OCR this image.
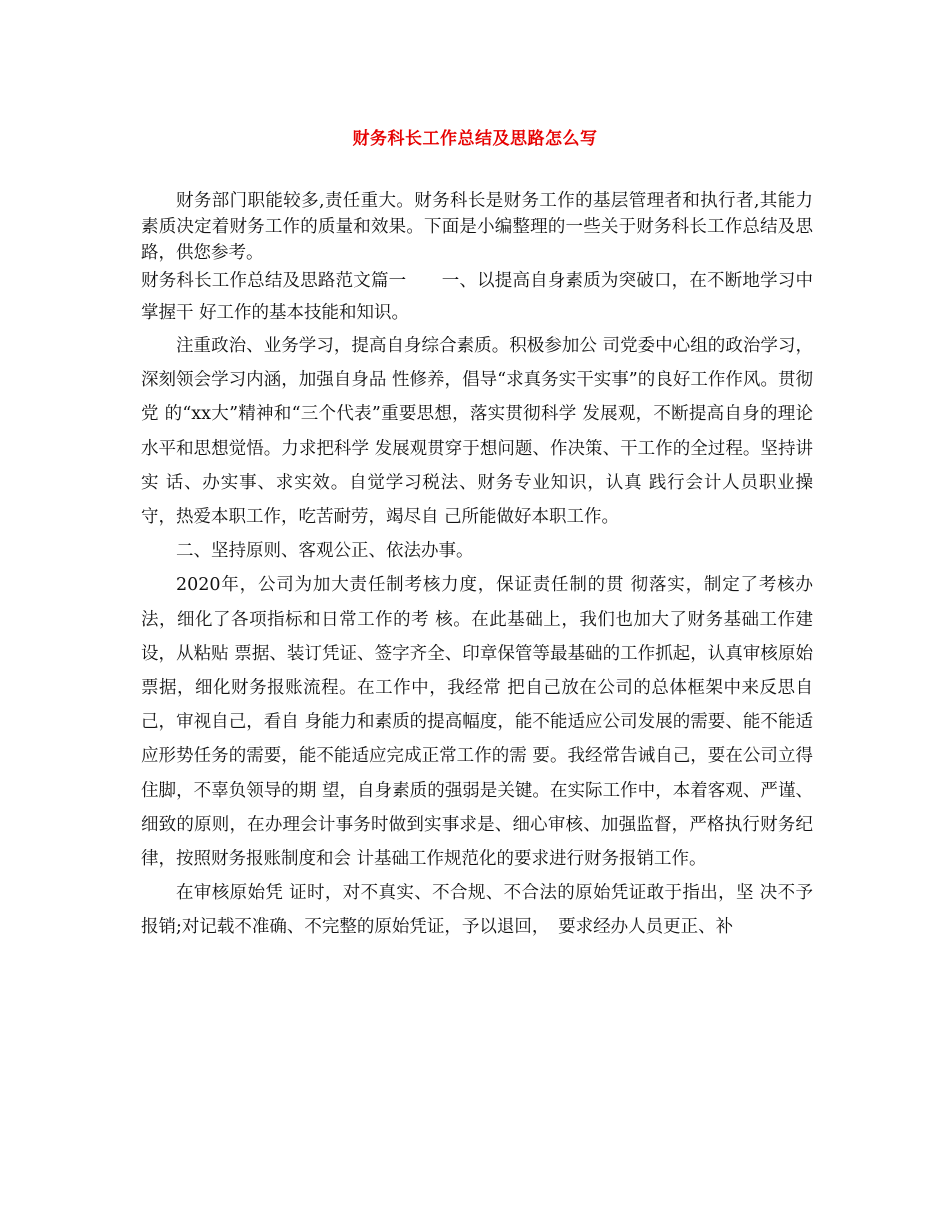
财务科长工作总结及思路怎么写

财务部门职能较多,责任重大。财务科长是财务工作的基层管理者和执行者,其能力素质决定着财务工作的质量和效果。下面是小编整理的一些关于财务科长工作总结及思路，供您参考。

财务科长工作总结及思路范文篇一　　一、以提高自身素质为突破口，在不断地学习中掌握干 好工作的基本技能和知识。

注重政治、业务学习，提高自身综合素质。积极参加公 司党委中心组的政治学习，深刻领会学习内涵，加强自身品 性修养，倡导“求真务实干实事”的良好工作作风。贯彻党 的“xx大”精神和“三个代表”重要思想，落实贯彻科学 发展观，不断提高自身的理论水平和思想觉悟。力求把科学 发展观贯穿于想问题、作决策、干工作的全过程。坚持讲实 话、办实事、求实效。自觉学习税法、财务专业知识，认真 践行会计人员职业操守，热爱本职工作，吃苦耐劳，竭尽自 己所能做好本职工作。

二、坚持原则、客观公正、依法办事。

2020年，公司为加大责任制考核力度，保证责任制的贯 彻落实，制定了考核办法，细化了各项指标和日常工作的考 核。在此基础上，我们也加大了财务基础工作建设，从粘贴 票据、装订凭证、签字齐全、印章保管等最基础的工作抓起，认真审核原始票据，细化财务报账流程。在工作中，我经常 把自己放在公司的总体框架中来反思自己，审视自己，看自 身能力和素质的提高幅度，能不能适应公司发展的需要、能不能适应形势任务的需要，能不能适应完成正常工作的需 要。我经常告诫自己，要在公司立得住脚，不辜负领导的期 望，自身素质的强弱是关键。在实际工作中，本着客观、严谨、细致的原则，在办理会计事务时做到实事求是、细心审核、加强监督，严格执行财务纪律，按照财务报账制度和会 计基础工作规范化的要求进行财务报销工作。

在审核原始凭 证时，对不真实、不合规、不合法的原始凭证敢于指出，坚 决不予报销;对记载不准确、不完整的原始凭证，予以退回，　要求经办人员更正、补
